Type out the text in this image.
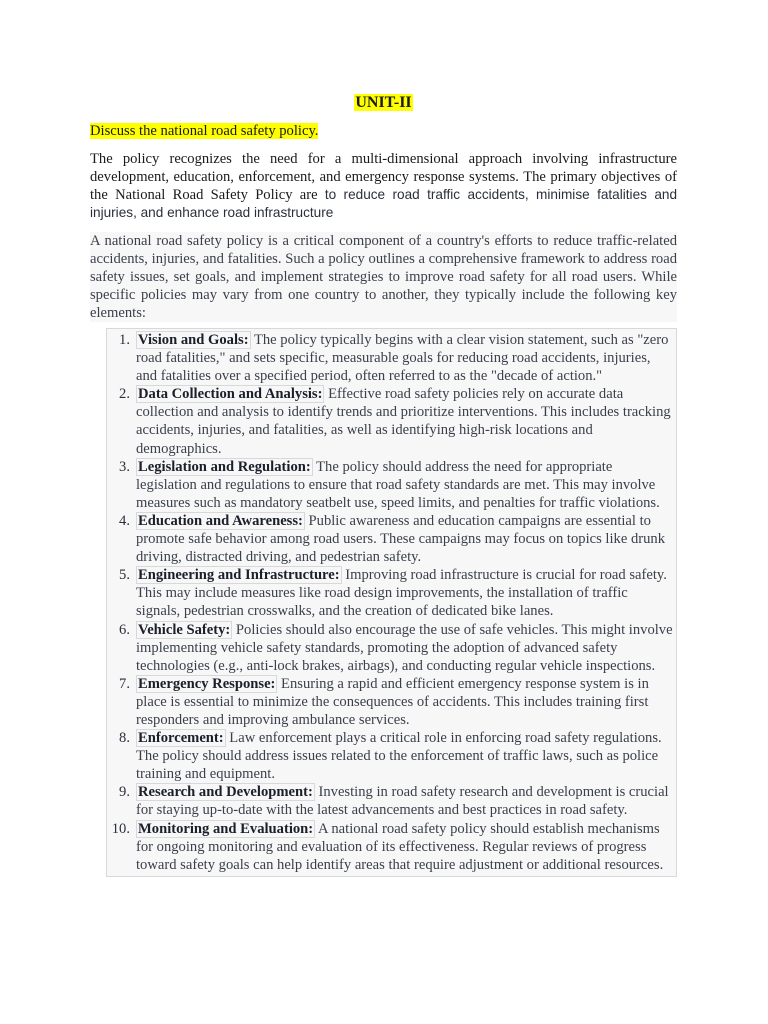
UNIT-II

Discuss the national road safety policy.

The policy recognizes the need for a multi-dimensional approach involving infrastructure development, education, enforcement, and emergency response systems. The primary objectives of the National Road Safety Policy are to reduce road traffic accidents, minimise fatalities and injuries, and enhance road infrastructure

A national road safety policy is a critical component of a country's efforts to reduce traffic-related accidents, injuries, and fatalities. Such a policy outlines a comprehensive framework to address road safety issues, set goals, and implement strategies to improve road safety for all road users. While specific policies may vary from one country to another, they typically include the following key elements:

1. Vision and Goals: The policy typically begins with a clear vision statement, such as "zero road fatalities," and sets specific, measurable goals for reducing road accidents, injuries, and fatalities over a specified period, often referred to as the "decade of action."
2. Data Collection and Analysis: Effective road safety policies rely on accurate data collection and analysis to identify trends and prioritize interventions. This includes tracking accidents, injuries, and fatalities, as well as identifying high-risk locations and demographics.
3. Legislation and Regulation: The policy should address the need for appropriate legislation and regulations to ensure that road safety standards are met. This may involve measures such as mandatory seatbelt use, speed limits, and penalties for traffic violations.
4. Education and Awareness: Public awareness and education campaigns are essential to promote safe behavior among road users. These campaigns may focus on topics like drunk driving, distracted driving, and pedestrian safety.
5. Engineering and Infrastructure: Improving road infrastructure is crucial for road safety. This may include measures like road design improvements, the installation of traffic signals, pedestrian crosswalks, and the creation of dedicated bike lanes.
6. Vehicle Safety: Policies should also encourage the use of safe vehicles. This might involve implementing vehicle safety standards, promoting the adoption of advanced safety technologies (e.g., anti-lock brakes, airbags), and conducting regular vehicle inspections.
7. Emergency Response: Ensuring a rapid and efficient emergency response system is in place is essential to minimize the consequences of accidents. This includes training first responders and improving ambulance services.
8. Enforcement: Law enforcement plays a critical role in enforcing road safety regulations. The policy should address issues related to the enforcement of traffic laws, such as police training and equipment.
9. Research and Development: Investing in road safety research and development is crucial for staying up-to-date with the latest advancements and best practices in road safety.
10. Monitoring and Evaluation: A national road safety policy should establish mechanisms for ongoing monitoring and evaluation of its effectiveness. Regular reviews of progress toward safety goals can help identify areas that require adjustment or additional resources.
